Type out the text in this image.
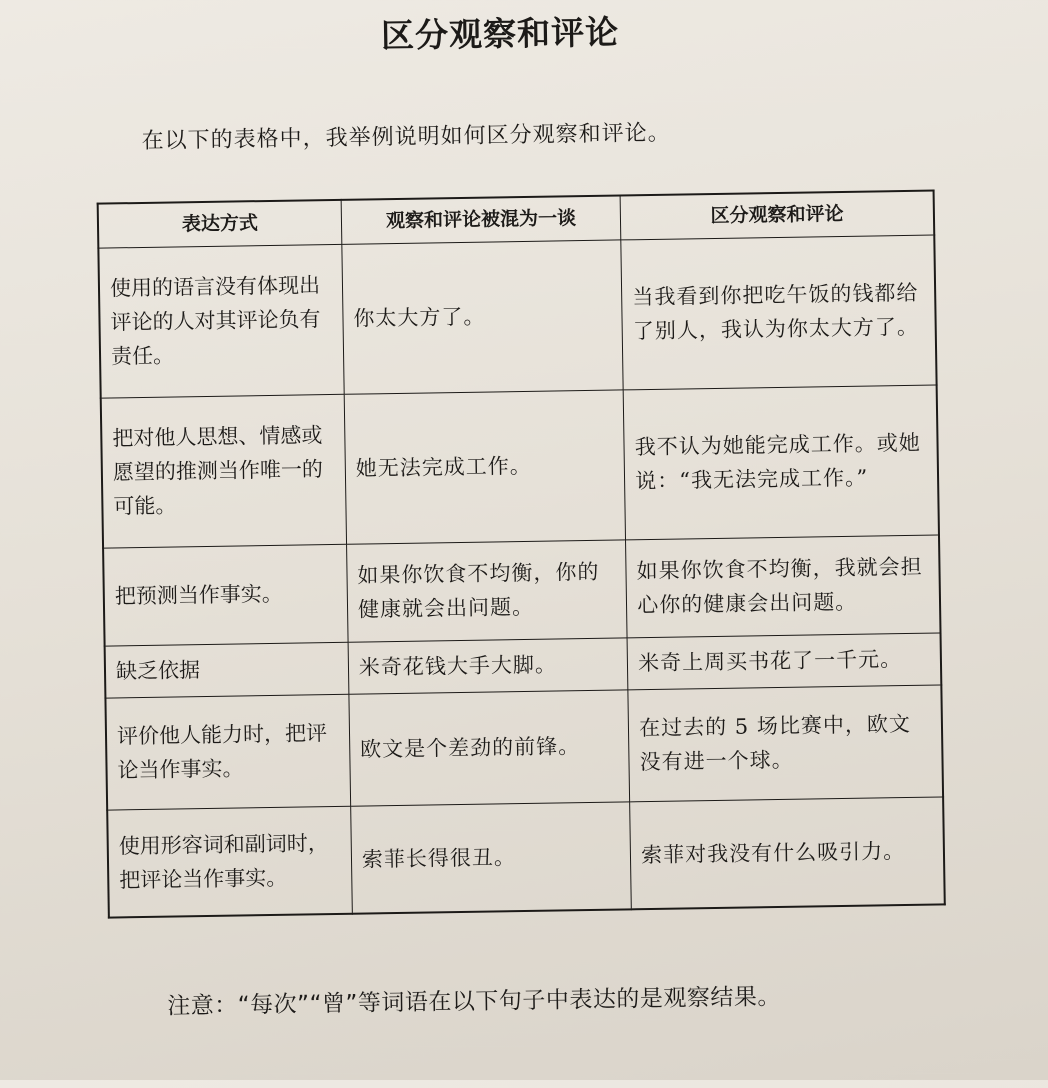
区分观察和评论
在以下的表格中，我举例说明如何区分观察和评论。
表达方式	观察和评论被混为一谈	区分观察和评论
使用的语言没有体现出评论的人对其评论负有责任。	你太大方了。	当我看到你把吃午饭的钱都给了别人，我认为你太大方了。
把对他人思想、情感或愿望的推测当作唯一的可能。	她无法完成工作。	我不认为她能完成工作。或她说：“我无法完成工作。”
把预测当作事实。	如果你饮食不均衡，你的健康就会出问题。	如果你饮食不均衡，我就会担心你的健康会出问题。
缺乏依据	米奇花钱大手大脚。	米奇上周买书花了一千元。
评价他人能力时，把评论当作事实。	欧文是个差劲的前锋。	在过去的 5 场比赛中，欧文没有进一个球。
使用形容词和副词时，把评论当作事实。	索菲长得很丑。	索菲对我没有什么吸引力。
注意：“每次”“曾”等词语在以下句子中表达的是观察结果。
